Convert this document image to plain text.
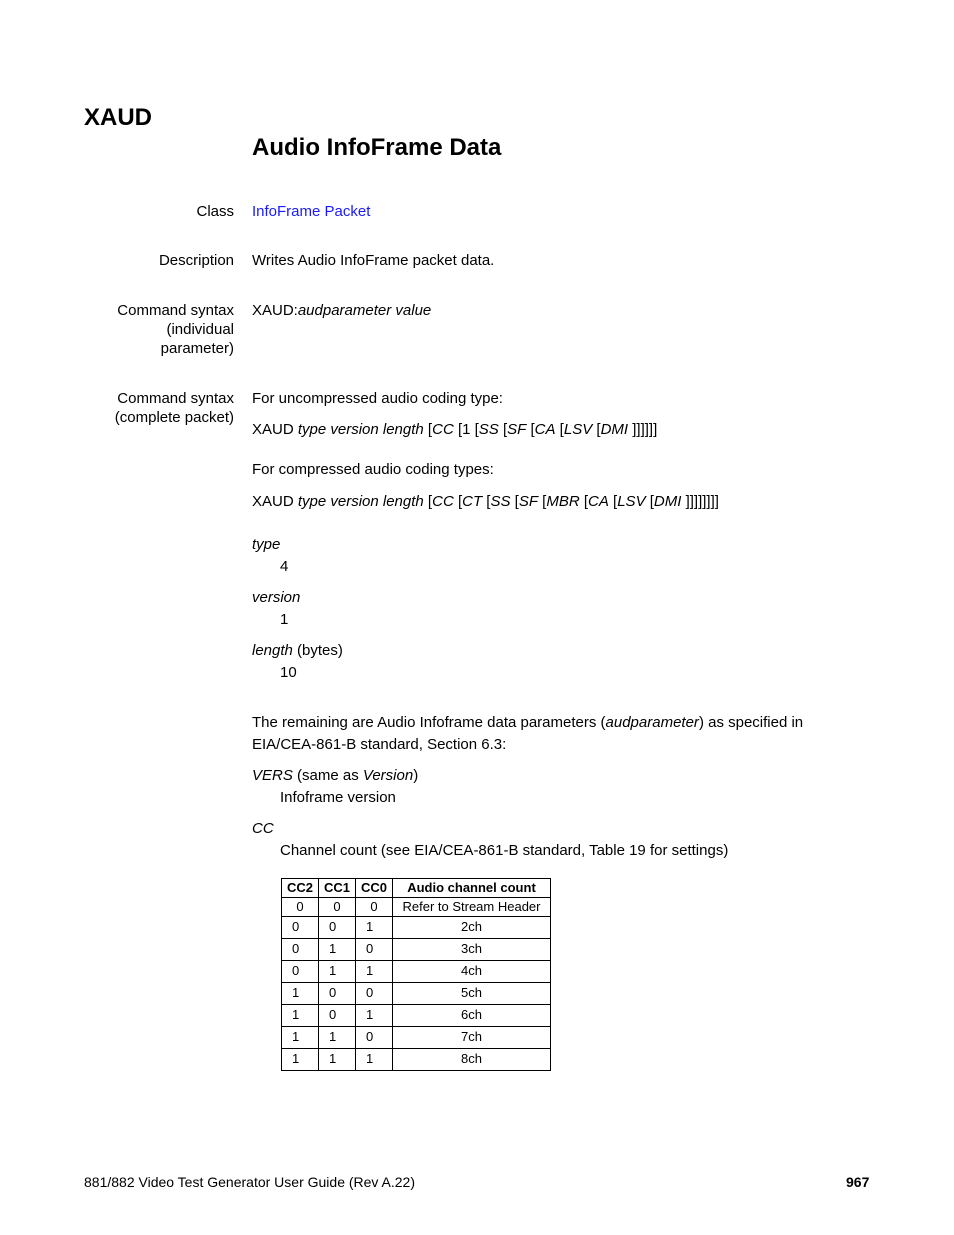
XAUD
Audio InfoFrame Data
Class InfoFrame Packet
Description Writes Audio InfoFrame packet data.
Command syntax
(individual
parameter)
XAUD:audparameter value
Command syntax
(complete packet)
For uncompressed audio coding type:
XAUD type version length [CC [1 [SS [SF [CA [LSV [DMI ]]]]]]
For compressed audio coding types:
XAUD type version length [CC [CT [SS [SF [MBR [CA [LSV [DMI ]]]]]]]]
type
4
version
1
length (bytes)
10
The remaining are Audio Infoframe data parameters (audparameter) as specified in
EIA/CEA-861-B standard, Section 6.3:
VERS (same as Version)
Infoframe version
CC
Channel count (see EIA/CEA-861-B standard, Table 19 for settings)
CC2	CC1	CC0	Audio channel count
0	0	0	Refer to Stream Header
0	0	1	2ch
0	1	0	3ch
0	1	1	4ch
1	0	0	5ch
1	0	1	6ch
1	1	0	7ch
1	1	1	8ch
881/882 Video Test Generator User Guide (Rev A.22)	967
